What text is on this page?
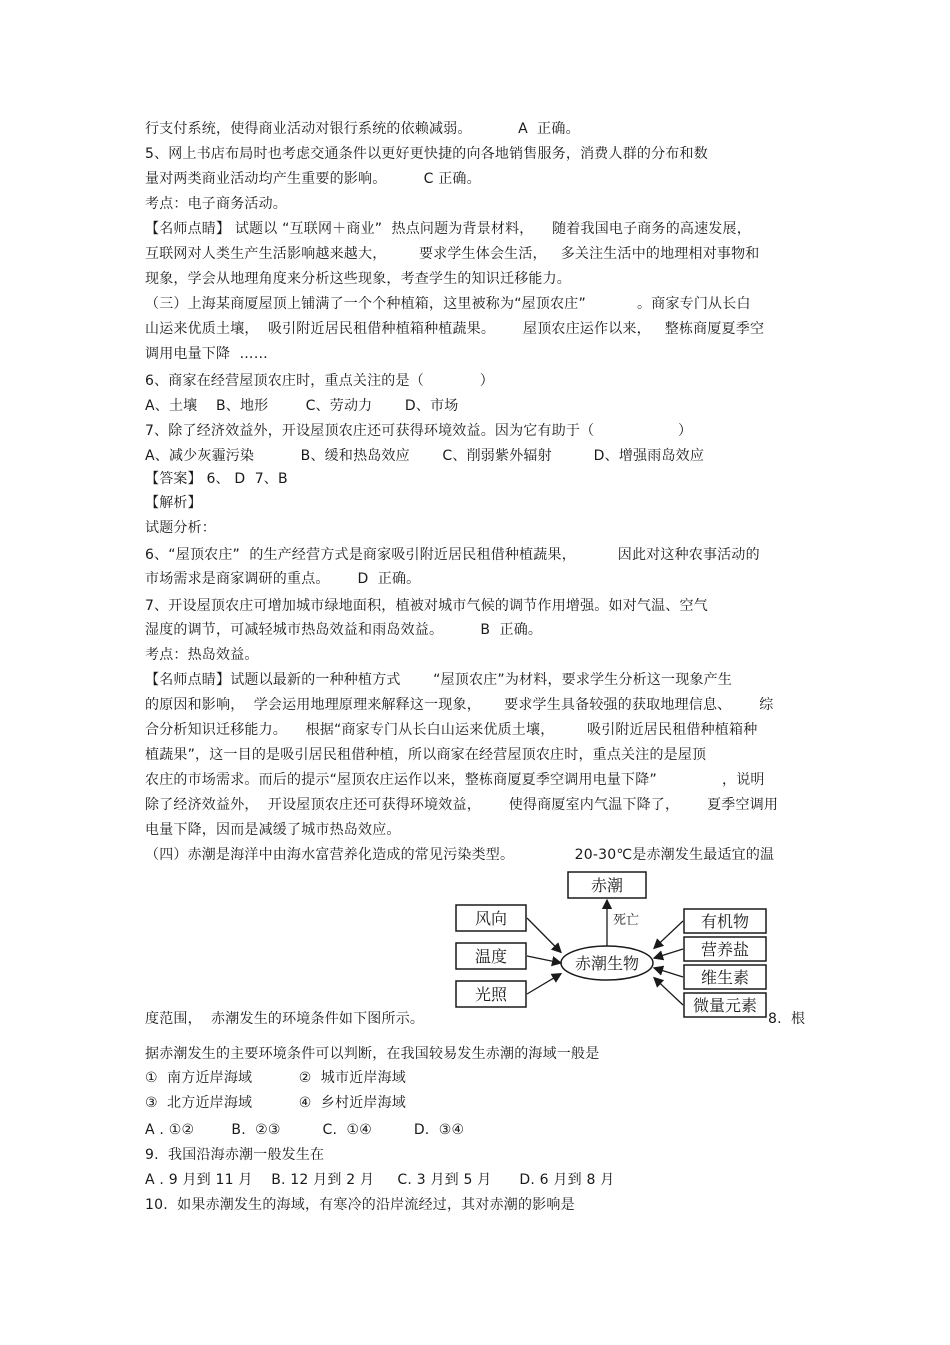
行支付系统，使得商业活动对银行系统的依赖减弱。          A  正确。
5、网上书店布局时也考虑交通条件以更好更快捷的向各地销售服务，消费人群的分布和数
量对两类商业活动均产生重要的影响。        C 正确。
考点：电子商务活动。
【名师点睛】 试题以 “互联网＋商业”  热点问题为背景材料，    随着我国电子商务的高速发展，
互联网对人类生产生活影响越来越大，       要求学生体会生活，   多关注生活中的地理相对事物和
现象，学会从地理角度来分析这些现象，考查学生的知识迁移能力。
（三）上海某商厦屋顶上铺满了一个个种植箱，这里被称为“屋顶农庄”           。商家专门从长白
山运来优质土壤，  吸引附近居民租借种植箱种植蔬果。      屋顶农庄运作以来，   整栋商厦夏季空
调用电量下降  ……
6、商家在经营屋顶农庄时，重点关注的是（            ）
A、土壤    B、地形        C、劳动力       D、市场
7、除了经济效益外，开设屋顶农庄还可获得环境效益。因为它有助于（                  ）
A、减少灰霾污染          B、缓和热岛效应       C、削弱紫外辐射         D、增强雨岛效应
【答案】 6、 D  7、B
【解析】
试题分析：
6、“屋顶农庄”  的生产经营方式是商家吸引附近居民租借种植蔬果，         因此对这种农事活动的
市场需求是商家调研的重点。      D  正确。
7、开设屋顶农庄可增加城市绿地面积，植被对城市气候的调节作用增强。如对气温、空气
湿度的调节，可减轻城市热岛效益和雨岛效益。        B  正确。
考点：热岛效益。
【名师点睛】试题以最新的一种种植方式       “屋顶农庄”为材料，要求学生分析这一现象产生
的原因和影响，  学会运用地理原理来解释这一现象，     要求学生具备较强的获取地理信息、      综
合分析知识迁移能力。    根据“商家专门从长白山运来优质土壤，       吸引附近居民租借种植箱种
植蔬果”，这一目的是吸引居民租借种植，所以商家在经营屋顶农庄时，重点关注的是屋顶
农庄的市场需求。而后的提示“屋顶农庄运作以来，整栋商厦夏季空调用电量下降”              ，说明
除了经济效益外，  开设屋顶农庄还可获得环境效益，      使得商厦室内气温下降了，      夏季空调用
电量下降，因而是减缓了城市热岛效应。
（四）赤潮是海洋中由海水富营养化造成的常见污染类型。             20-30℃是赤潮发生最适宜的温
度范围，  赤潮发生的环境条件如下图所示。	8.  根
赤潮
赤潮生物
死亡
风向
温度
光照
有机物
营养盐
维生素
微量元素
据赤潮发生的主要环境条件可以判断，在我国较易发生赤潮的海域一般是
①  南方近岸海域          ②  城市近岸海域
③  北方近岸海域          ④  乡村近岸海域
A . ①②        B.  ②③         C.  ①④         D.  ③④
9.  我国沿海赤潮一般发生在
A . 9 月到 11 月    B. 12 月到 2 月     C. 3 月到 5 月      D. 6 月到 8 月
10.  如果赤潮发生的海域，有寒冷的沿岸流经过，其对赤潮的影响是
